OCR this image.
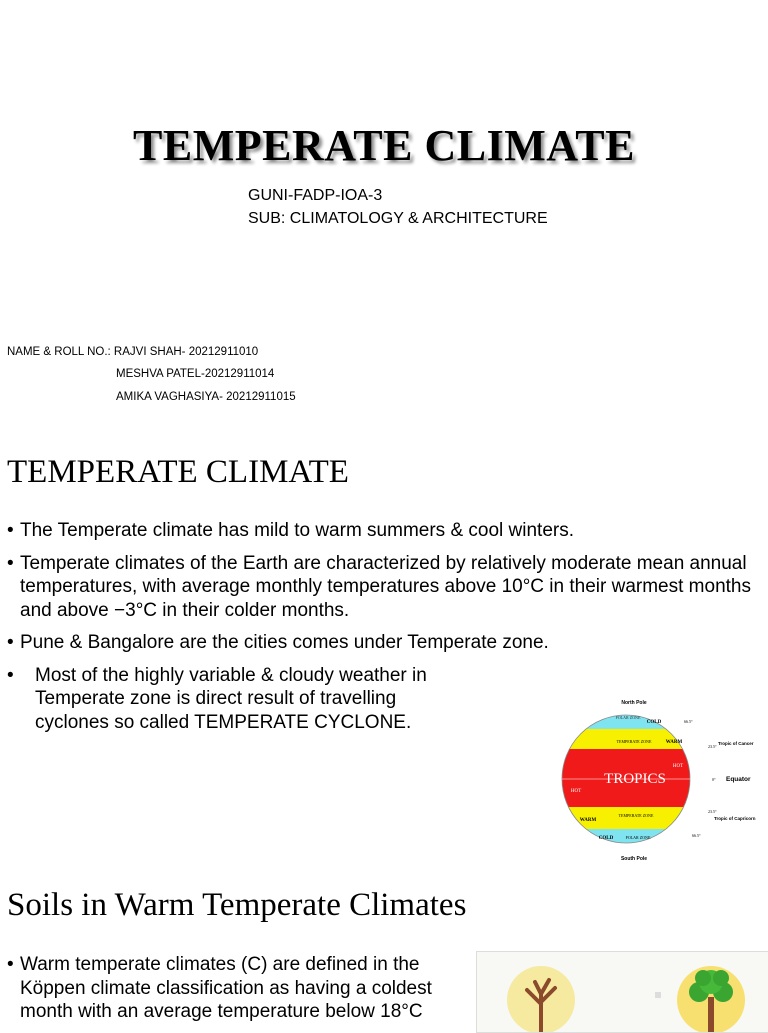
TEMPERATE CLIMATE
GUNI-FADP-IOA-3
SUB: CLIMATOLOGY & ARCHITECTURE
NAME & ROLL NO.: RAJVI SHAH- 20212911010
MESHVA PATEL-20212911014
AMIKA VAGHASIYA- 20212911015
TEMPERATE CLIMATE
• The Temperate climate has mild to warm summers & cool winters.
• Temperate climates of the Earth are characterized by relatively moderate mean annual temperatures, with average monthly temperatures above 10°C in their warmest months and above −3°C in their colder months.
• Pune & Bangalore are the cities comes under Temperate zone.
• Most of the highly variable & cloudy weather in Temperate zone is direct result of travelling cyclones so called TEMPERATE CYCLONE.
North Pole
POLAR ZONE
COLD	66.5°
TEMPERATE ZONE	WARM
23.5°
Tropic of Cancer
HOT
TROPICS	0° Equator
HOT
TEMPERATE ZONE
23.5°
Tropic of Capricorn
WARM
COLD	POLAR ZONE	66.5°
South Pole
Soils in Warm Temperate Climates
• Warm temperate climates (C) are defined in the Köppen climate classification as having a coldest month with an average temperature below 18°C
